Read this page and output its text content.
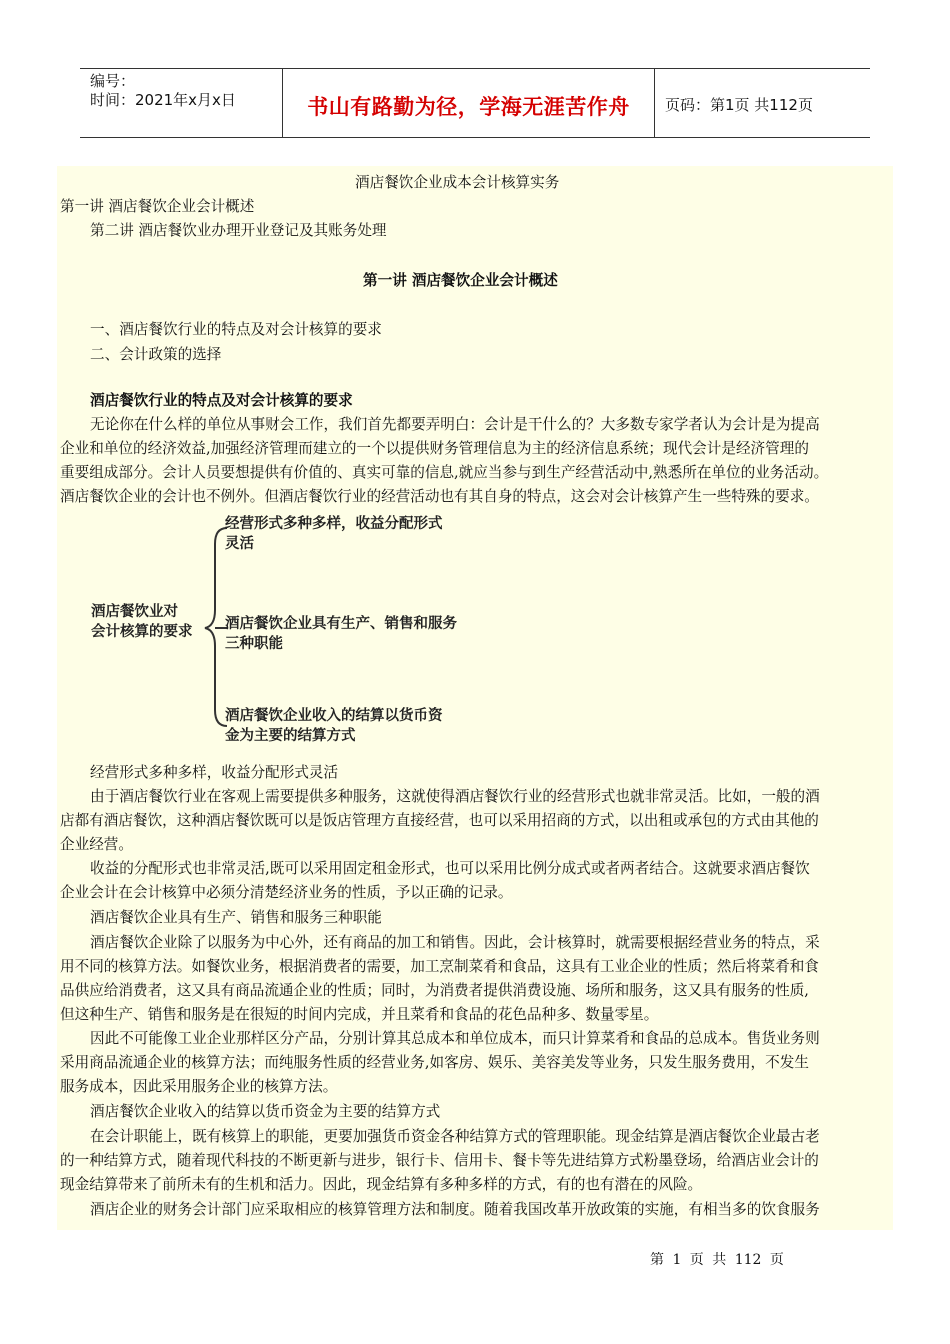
编号：
时间：2021年x月x日	书山有路勤为径，学海无涯苦作舟	页码：第1页 共112页
酒店餐饮企业成本会计核算实务
第一讲 酒店餐饮企业会计概述
第二讲 酒店餐饮业办理开业登记及其账务处理
第一讲 酒店餐饮企业会计概述
一、酒店餐饮行业的特点及对会计核算的要求
二、会计政策的选择
酒店餐饮行业的特点及对会计核算的要求
无论你在什么样的单位从事财会工作，我们首先都要弄明白：会计是干什么的？大多数专家学者认为会计是为提高
企业和单位的经济效益,加强经济管理而建立的一个以提供财务管理信息为主的经济信息系统；现代会计是经济管理的
重要组成部分。会计人员要想提供有价值的、真实可靠的信息,就应当参与到生产经营活动中,熟悉所在单位的业务活动。
酒店餐饮企业的会计也不例外。但酒店餐饮行业的经营活动也有其自身的特点，这会对会计核算产生一些特殊的要求。
经营形式多种多样，收益分配形式灵活
由于酒店餐饮行业在客观上需要提供多种服务，这就使得酒店餐饮行业的经营形式也就非常灵活。比如，一般的酒
店都有酒店餐饮，这种酒店餐饮既可以是饭店管理方直接经营，也可以采用招商的方式，以出租或承包的方式由其他的
企业经营。
收益的分配形式也非常灵活,既可以采用固定租金形式，也可以采用比例分成式或者两者结合。这就要求酒店餐饮
企业会计在会计核算中必须分清楚经济业务的性质，予以正确的记录。
酒店餐饮企业具有生产、销售和服务三种职能
酒店餐饮企业除了以服务为中心外，还有商品的加工和销售。因此，会计核算时，就需要根据经营业务的特点，采
用不同的核算方法。如餐饮业务，根据消费者的需要，加工烹制菜肴和食品，这具有工业企业的性质；然后将菜肴和食
品供应给消费者，这又具有商品流通企业的性质；同时，为消费者提供消费设施、场所和服务，这又具有服务的性质,
但这种生产、销售和服务是在很短的时间内完成，并且菜肴和食品的花色品种多、数量零星。
因此不可能像工业企业那样区分产品，分别计算其总成本和单位成本，而只计算菜肴和食品的总成本。售货业务则
采用商品流通企业的核算方法；而纯服务性质的经营业务,如客房、娱乐、美容美发等业务，只发生服务费用，不发生
服务成本，因此采用服务企业的核算方法。
酒店餐饮企业收入的结算以货币资金为主要的结算方式
在会计职能上，既有核算上的职能，更要加强货币资金各种结算方式的管理职能。现金结算是酒店餐饮企业最古老
的一种结算方式，随着现代科技的不断更新与进步，银行卡、信用卡、餐卡等先进结算方式粉墨登场，给酒店业会计的
现金结算带来了前所未有的生机和活力。因此，现金结算有多种多样的方式，有的也有潜在的风险。
酒店企业的财务会计部门应采取相应的核算管理方法和制度。随着我国改革开放政策的实施，有相当多的饮食服务
酒店餐饮业对
会计核算的要求
经营形式多种多样，收益分配形式
灵活
酒店餐饮企业具有生产、销售和服务
三种职能
酒店餐饮企业收入的结算以货币资
金为主要的结算方式
第 1 页 共 112 页
